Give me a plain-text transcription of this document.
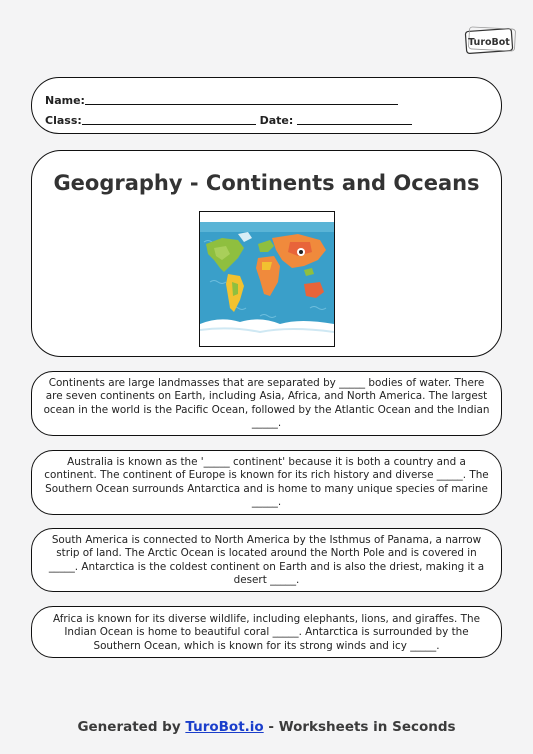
TuroBot
Name:
Class:	Date:
Geography - Continents and Oceans

Continents are large landmasses that are separated by _____ bodies of water. There are seven continents on Earth, including Asia, Africa, and North America. The largest ocean in the world is the Pacific Ocean, followed by the Atlantic Ocean and the Indian _____.

Australia is known as the '_____ continent' because it is both a country and a continent. The continent of Europe is known for its rich history and diverse _____. The Southern Ocean surrounds Antarctica and is home to many unique species of marine _____.

South America is connected to North America by the Isthmus of Panama, a narrow strip of land. The Arctic Ocean is located around the North Pole and is covered in _____. Antarctica is the coldest continent on Earth and is also the driest, making it a desert _____.

Africa is known for its diverse wildlife, including elephants, lions, and giraffes. The Indian Ocean is home to beautiful coral _____. Antarctica is surrounded by the Southern Ocean, which is known for its strong winds and icy _____.

Generated by TuroBot.io - Worksheets in Seconds
